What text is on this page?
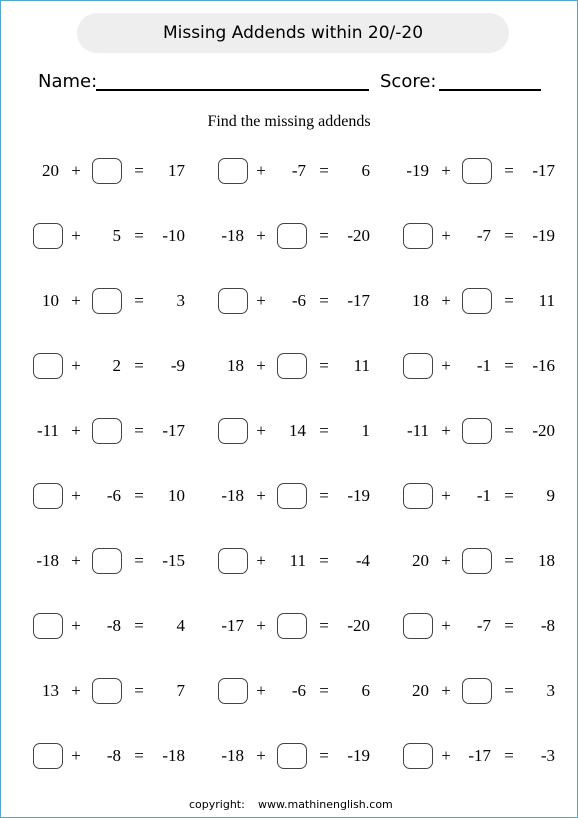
Missing Addends within 20/-20
Name:	Score:
Find the missing addends
20 +	=	17	+	-7 =	6	-19 +	=	-17
+	5 =	-10	-18 +	=	-20	+	-7 =	-19
10 +	=	3	+	-6 =	-17	18 +	=	11
+	2 =	-9	18 +	=	11	+	-1 =	-16
-11 +	=	-17	+	14 =	1	-11 +	=	-20
+	-6 =	10	-18 +	=	-19	+	-1 =	9
-18 +	=	-15	+	11 =	-4	20 +	=	18
+	-8 =	4	-17 +	=	-20	+	-7 =	-8
13 +	=	7	+	-6 =	6	20 +	=	3
+	-8 =	-18	-18 +	=	-19	+	-17 =	-3
copyright: www.mathinenglish.com
